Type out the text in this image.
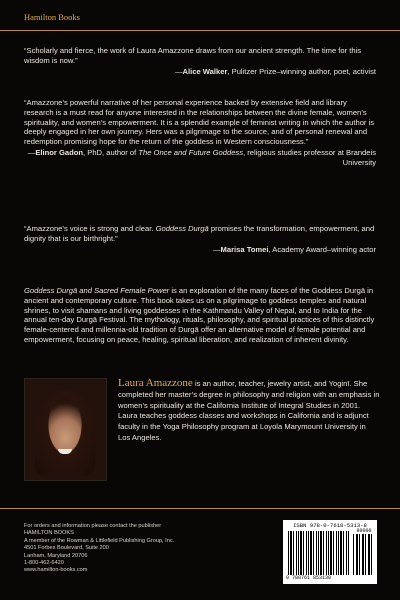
Hamilton Books

“Scholarly and fierce, the work of Laura Amazzone draws from our ancient strength. The time for this wisdom is now.”

—Alice Walker, Pulitzer Prize–winning author, poet, activist

“Amazzone’s powerful narrative of her personal experience backed by extensive field and library research is a must read for anyone interested in the relationships between the divine female, women’s spirituality, and women’s empowerment. It is a splendid example of feminist writing in which the author is deeply engaged in her own journey. Hers was a pilgrimage to the source, and of personal renewal and redemption promising hope for the return of the goddess in Western consciousness.”

—Elinor Gadon, PhD, author of The Once and Future Goddess, religious studies professor at Brandeis University

“Amazzone’s voice is strong and clear. Goddess Durgā promises the transformation, empowerment, and dignity that is our birthright.”

—Marisa Tomei, Academy Award–winning actor

Goddess Durgā and Sacred Female Power is an exploration of the many faces of the Goddess Durgā in ancient and contemporary culture. This book takes us on a pilgrimage to goddess temples and natural shrines, to visit shamans and living goddesses in the Kathmandu Valley of Nepal, and to India for the annual ten-day Durgā Festival. The mythology, rituals, philosophy, and spiritual practices of this distinctly female-centered and millennia-old tradition of Durgā offer an alternative model of female potential and empowerment, focusing on peace, healing, spiritual liberation, and realization of inherent divinity.

Laura Amazzone is an author, teacher, jewelry artist, and Yoginī. She completed her master’s degree in philosophy and religion with an emphasis in women’s spirituality at the California Institute of Integral Studies in 2001. Laura teaches goddess classes and workshops in California and is adjunct faculty in the Yoga Philosophy program at Loyola Marymount University in Los Angeles.
For orders and information please contact the publisher
HAMILTON BOOKS
A member of the Rowman & Littlefield Publishing Group, Inc.
4501 Forbes Boulevard, Suite 200
Lanham, Maryland 20706
1-800-462-6420
www.hamilton-books.com
ISBN 978-0-7618-5313-8
90000
9 780761 853138
